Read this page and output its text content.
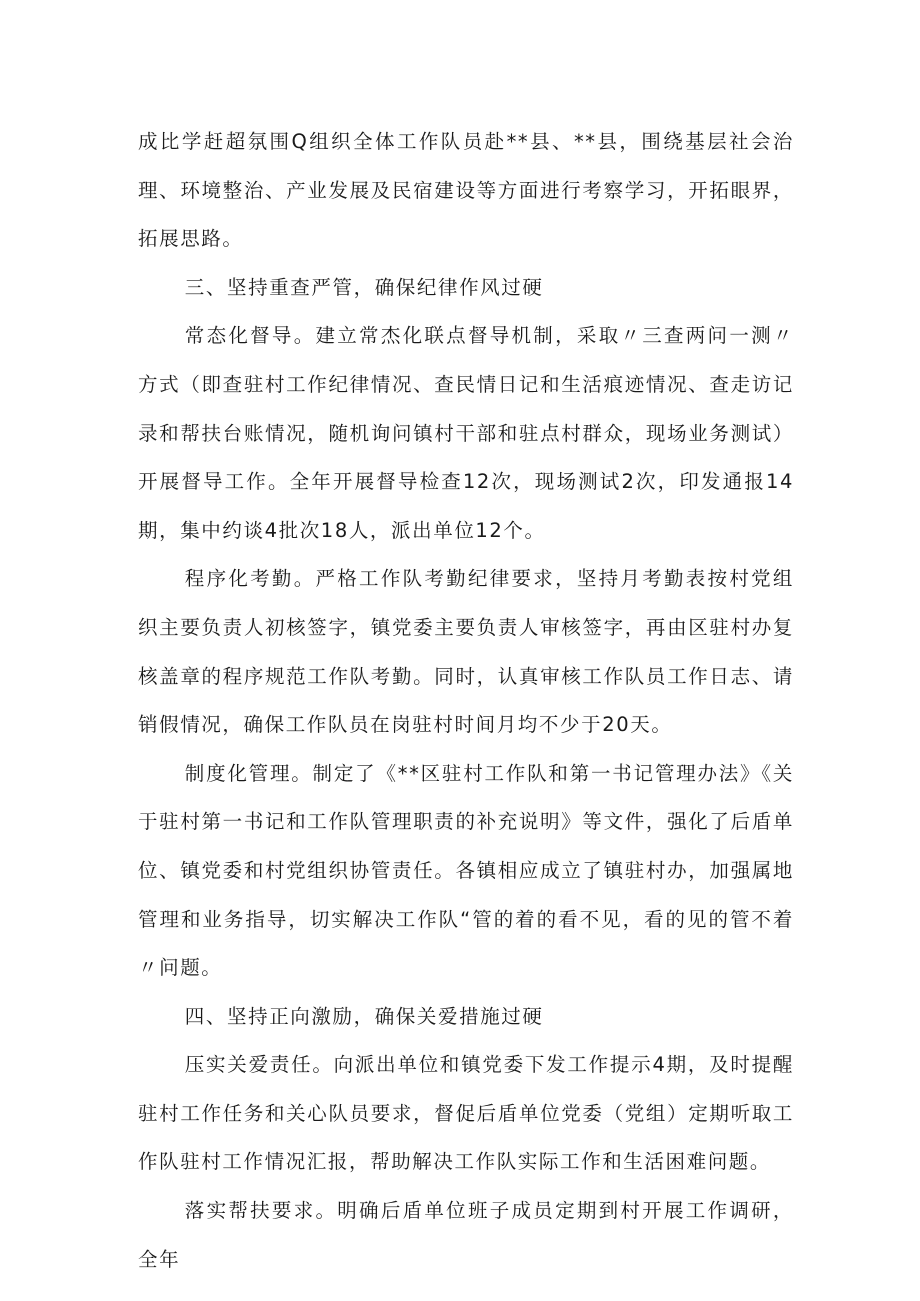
成比学赶超氛围Q组织全体工作队员赴**县、**县，围绕基层社会治理、环境整治、产业发展及民宿建设等方面进行考察学习，开拓眼界，拓展思路。

三、坚持重查严管，确保纪律作风过硬

常态化督导。建立常杰化联点督导机制，采取〃三查两问一测〃方式（即查驻村工作纪律情况、查民情日记和生活痕迹情况、查走访记录和帮扶台账情况，随机询问镇村干部和驻点村群众，现场业务测试）开展督导工作。全年开展督导检查12次，现场测试2次，印发通报14期，集中约谈4批次18人，派出单位12个。

程序化考勤。严格工作队考勤纪律要求，坚持月考勤表按村党组织主要负责人初核签字，镇党委主要负责人审核签字，再由区驻村办复核盖章的程序规范工作队考勤。同时，认真审核工作队员工作日志、请销假情况，确保工作队员在岗驻村时间月均不少于20天。

制度化管理。制定了《**区驻村工作队和第一书记管理办法》《关于驻村第一书记和工作队管理职责的补充说明》等文件，强化了后盾单位、镇党委和村党组织协管责任。各镇相应成立了镇驻村办，加强属地管理和业务指导，切实解决工作队“管的着的看不见，看的见的管不着〃问题。

四、坚持正向激励，确保关爱措施过硬

压实关爱责任。向派出单位和镇党委下发工作提示4期，及时提醒驻村工作任务和关心队员要求，督促后盾单位党委（党组）定期听取工作队驻村工作情况汇报，帮助解决工作队实际工作和生活困难问题。

落实帮扶要求。明确后盾单位班子成员定期到村开展工作调研，全年
